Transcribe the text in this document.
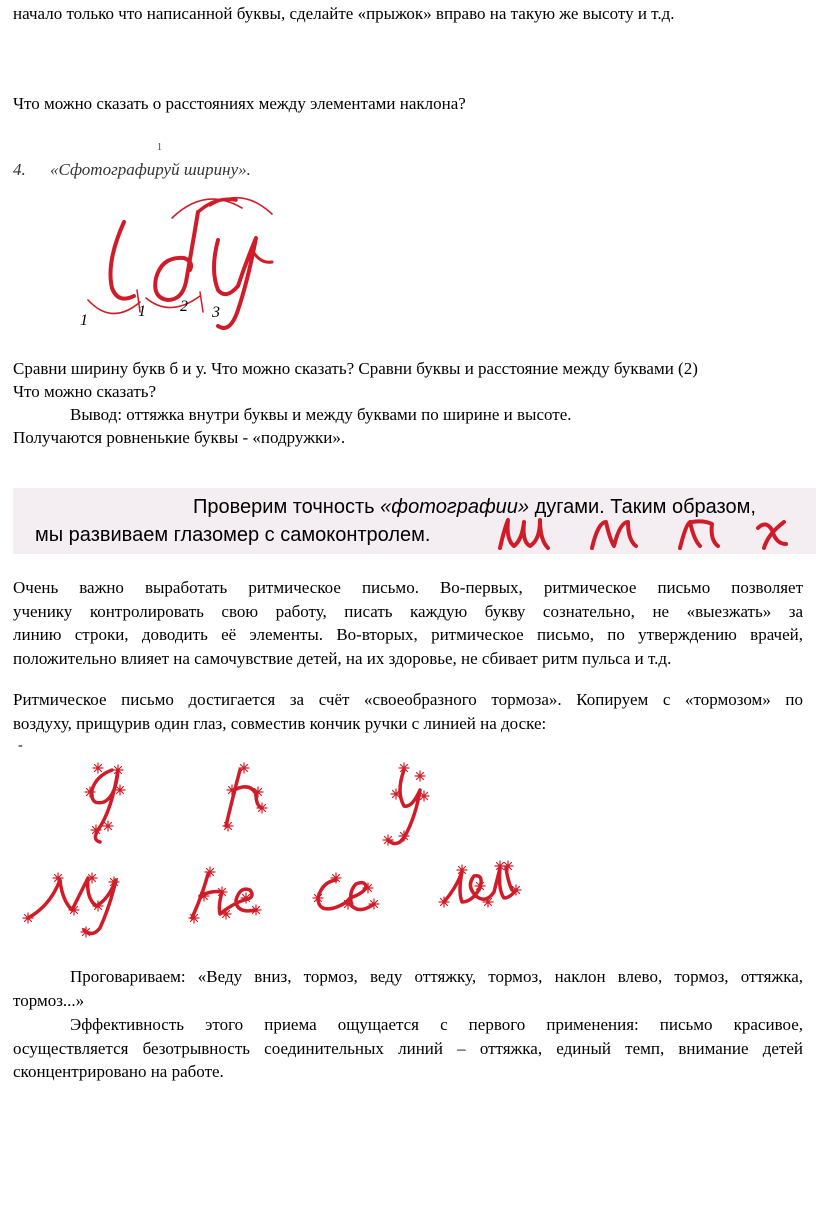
начало только что написанной буквы, сделайте «прыжок» вправо на такую же высоту и т.д.
Что можно сказать о расстояниях между элементами наклона?
4. «Сфотографируй ширину».
1
1
1 2 3
Сравни ширину букв б и у. Что можно сказать? Сравни буквы и расстояние между буквами (2)
Что можно сказать?
Вывод: оттяжка внутри буквы и между буквами по ширине и высоте.
Получаются ровненькие буквы - «подружки».
Проверим точность «фотографии» дугами. Таким образом,
мы развиваем глазомер с самоконтролем.
Очень важно выработать ритмическое письмо. Во-первых, ритмическое письмо позволяет
ученику контролировать свою работу, писать каждую букву сознательно, не «выезжать» за
линию строки, доводить её элементы. Во-вторых, ритмическое письмо, по утверждению врачей,
положительно влияет на самочувствие детей, на их здоровье, не сбивает ритм пульса и т.д.
Ритмическое письмо достигается за счёт «своеобразного тормоза». Копируем с «тормозом» по
воздуху, прищурив один глаз, совместив кончик ручки с линией на доске:
-
Проговариваем: «Веду вниз, тормоз, веду оттяжку, тормоз, наклон влево, тормоз, оттяжка,
тормоз...»
Эффективность этого приема ощущается с первого применения: письмо красивое,
осуществляется безотрывность соединительных линий – оттяжка, единый темп, внимание детей
сконцентрировано на работе.
